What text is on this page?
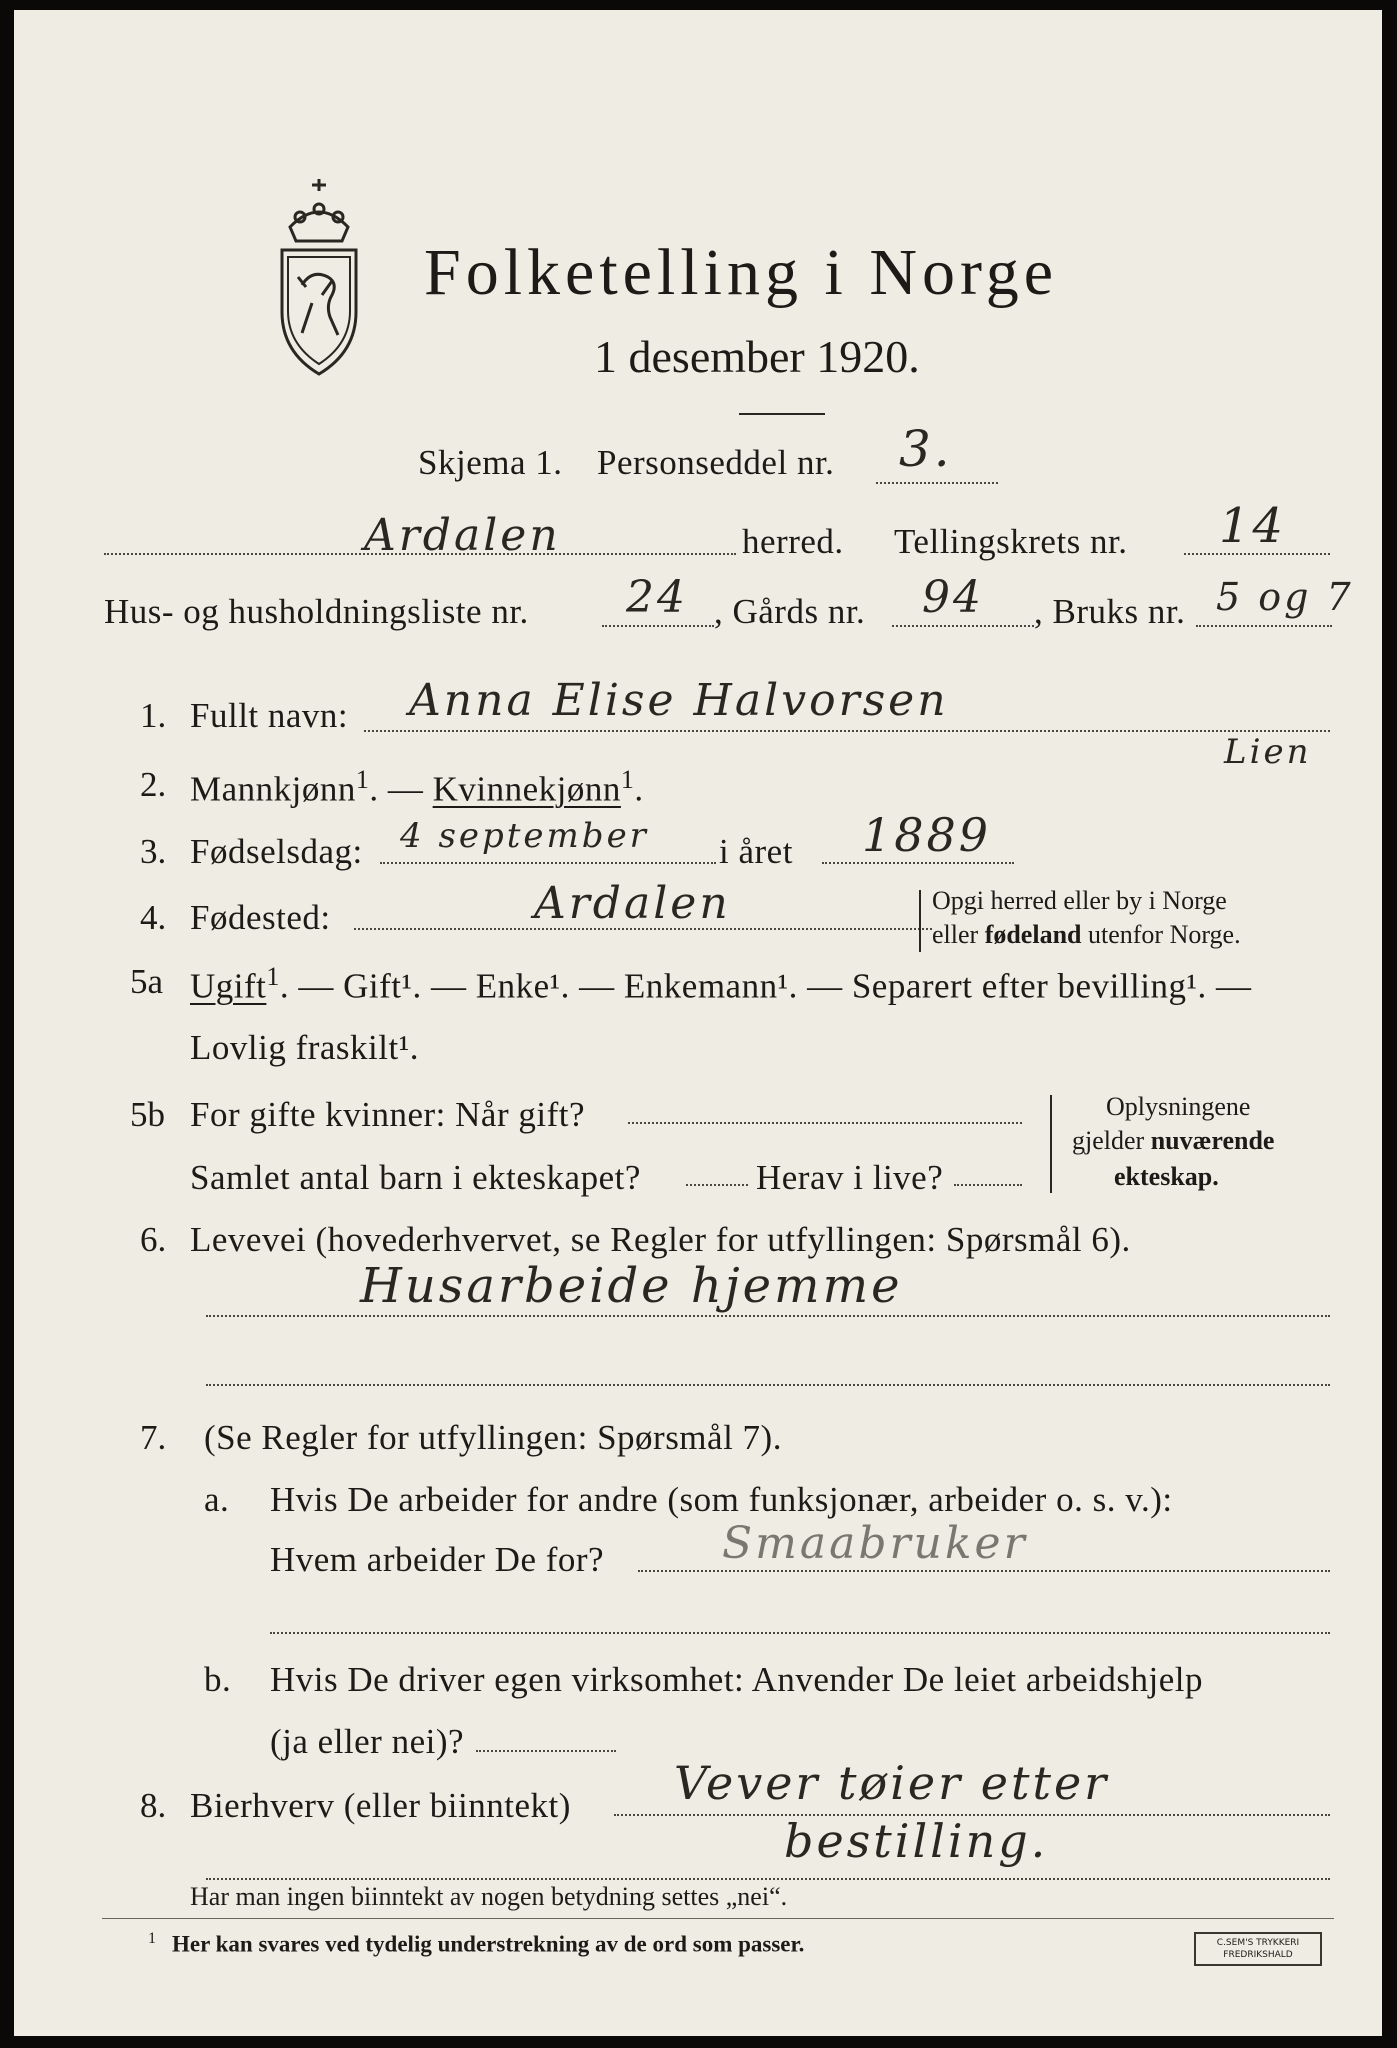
Folketelling i Norge
1 desember 1920.
Skjema 1. Personseddel nr. 3.
Ardalen	herred. Tellingskrets nr. 14
Hus- og husholdningsliste nr. 24 , Gårds nr. 94 , Bruks nr. 5 og 7
1. Fullt navn: Anna Elise Halvorsen
Lien
2. Mannkjønn$^1$. — Kvinnekjønn$^1$.
3. Fødselsdag: 4 september i året 1889
4. Fødested:	Ardalen	Opgi herred eller by i Norge
eller fødeland utenfor Norge.
5a Ugift$^1$. — Gift¹. — Enke¹. — Enkemann¹. — Separert efter bevilling¹. —
Lovlig fraskilt¹.
5b For gifte kvinner: Når gift?
Samlet antal barn i ekteskapet?	Herav i live?
Oplysningene
gjelder nuværende
ekteskap.
6. Levevei (hovederhvervet, se Regler for utfyllingen: Spørsmål 6).
Husarbeide hjemme
7. (Se Regler for utfyllingen: Spørsmål 7).
a. Hvis De arbeider for andre (som funksjonær, arbeider o. s. v.):
Hvem arbeider De for?	Smaabruker
b. Hvis De driver egen virksomhet: Anvender De leiet arbeidshjelp
(ja eller nei)?
8. Bierhverv (eller biinntekt) Vever tøier etter
bestilling.
Har man ingen biinntekt av nogen betydning settes „nei“.
$^1$ Her kan svares ved tydelig understrekning av de ord som passer.	C.SEM'S TRYKKERI
FREDRIKSHALD
